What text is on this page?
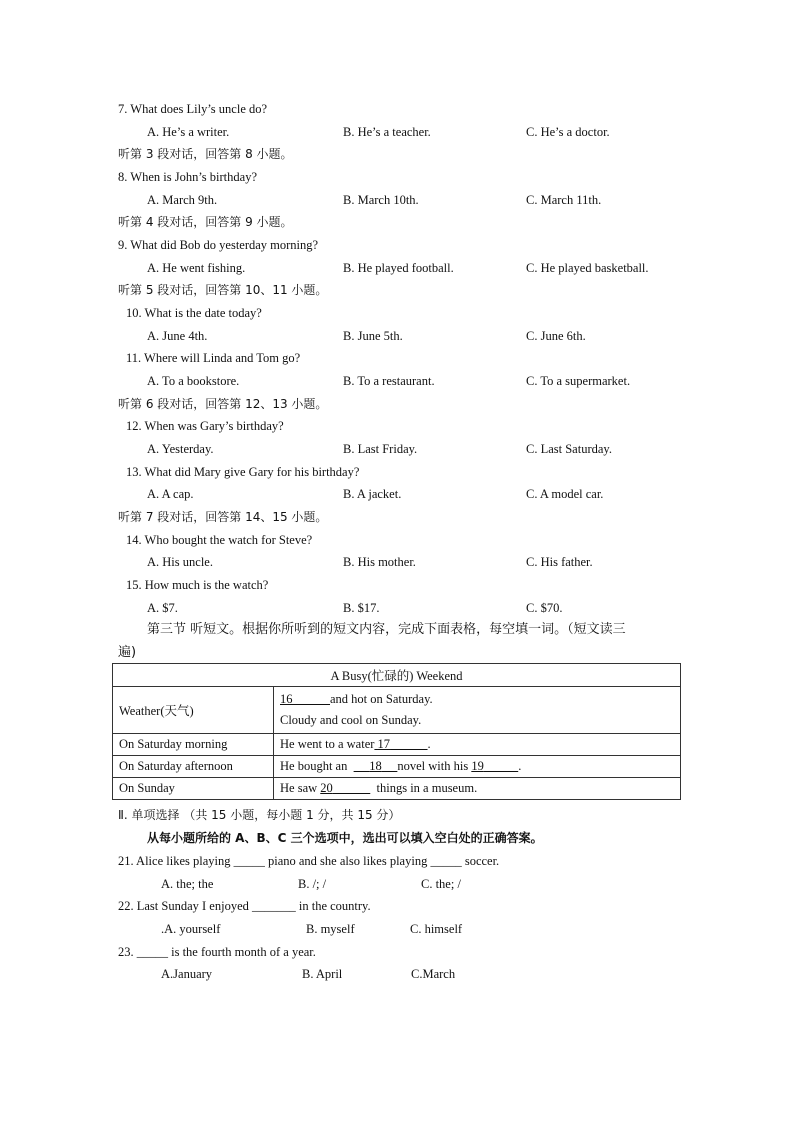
7. What does Lily’s uncle do?
A. He’s a writer.	B. He’s a teacher.	C. He’s a doctor.
听第 3 段对话，回答第 8 小题。
8. When is John’s birthday?
A. March 9th.	B. March 10th.	C. March 11th.
听第 4 段对话，回答第 9 小题。
9. What did Bob do yesterday morning?
A. He went fishing.	B. He played football.	C. He played basketball.
听第 5 段对话，回答第 10、11 小题。
10. What is the date today?
A. June 4th.	B. June 5th.	C. June 6th.
11. Where will Linda and Tom go?
A. To a bookstore.	B. To a restaurant.	C. To a supermarket.
听第 6 段对话，回答第 12、13 小题。
12. When was Gary’s birthday?
A. Yesterday.	B. Last Friday.	C. Last Saturday.
13. What did Mary give Gary for his birthday?
A. A cap.	B. A jacket.	C. A model car.
听第 7 段对话，回答第 14、15 小题。
14. Who bought the watch for Steve?
A. His uncle.	B. His mother.	C. His father.
15. How much is the watch?
A. $7.	B. $17.	C. $70.
第三节 听短文。根据你所听到的短文内容，完成下面表格，每空填一词。（短文读三
遍)
A Busy(忙碌的) Weekend	
Weather(天气)	16 and hot on Saturday.
Cloudy and cool on Sunday.
On Saturday morning	He went to a water 17 .
On Saturday afternoon	He bought an 18 novel with his 19 .
On Sunday	He saw 20 things in a museum.
Ⅱ. 单项选择 （共 15 小题，每小题 1 分，共 15 分）
从每小题所给的 A、B、C 三个选项中，选出可以填入空白处的正确答案。
21. Alice likes playing _____ piano and she also likes playing _____ soccer.
A. the; the	B. /; /	C. the; /
22. Last Sunday I enjoyed _______ in the country.
.A. yourself	B. myself	C. himself
23. _____ is the fourth month of a year.
A.January	B. April	C.March
